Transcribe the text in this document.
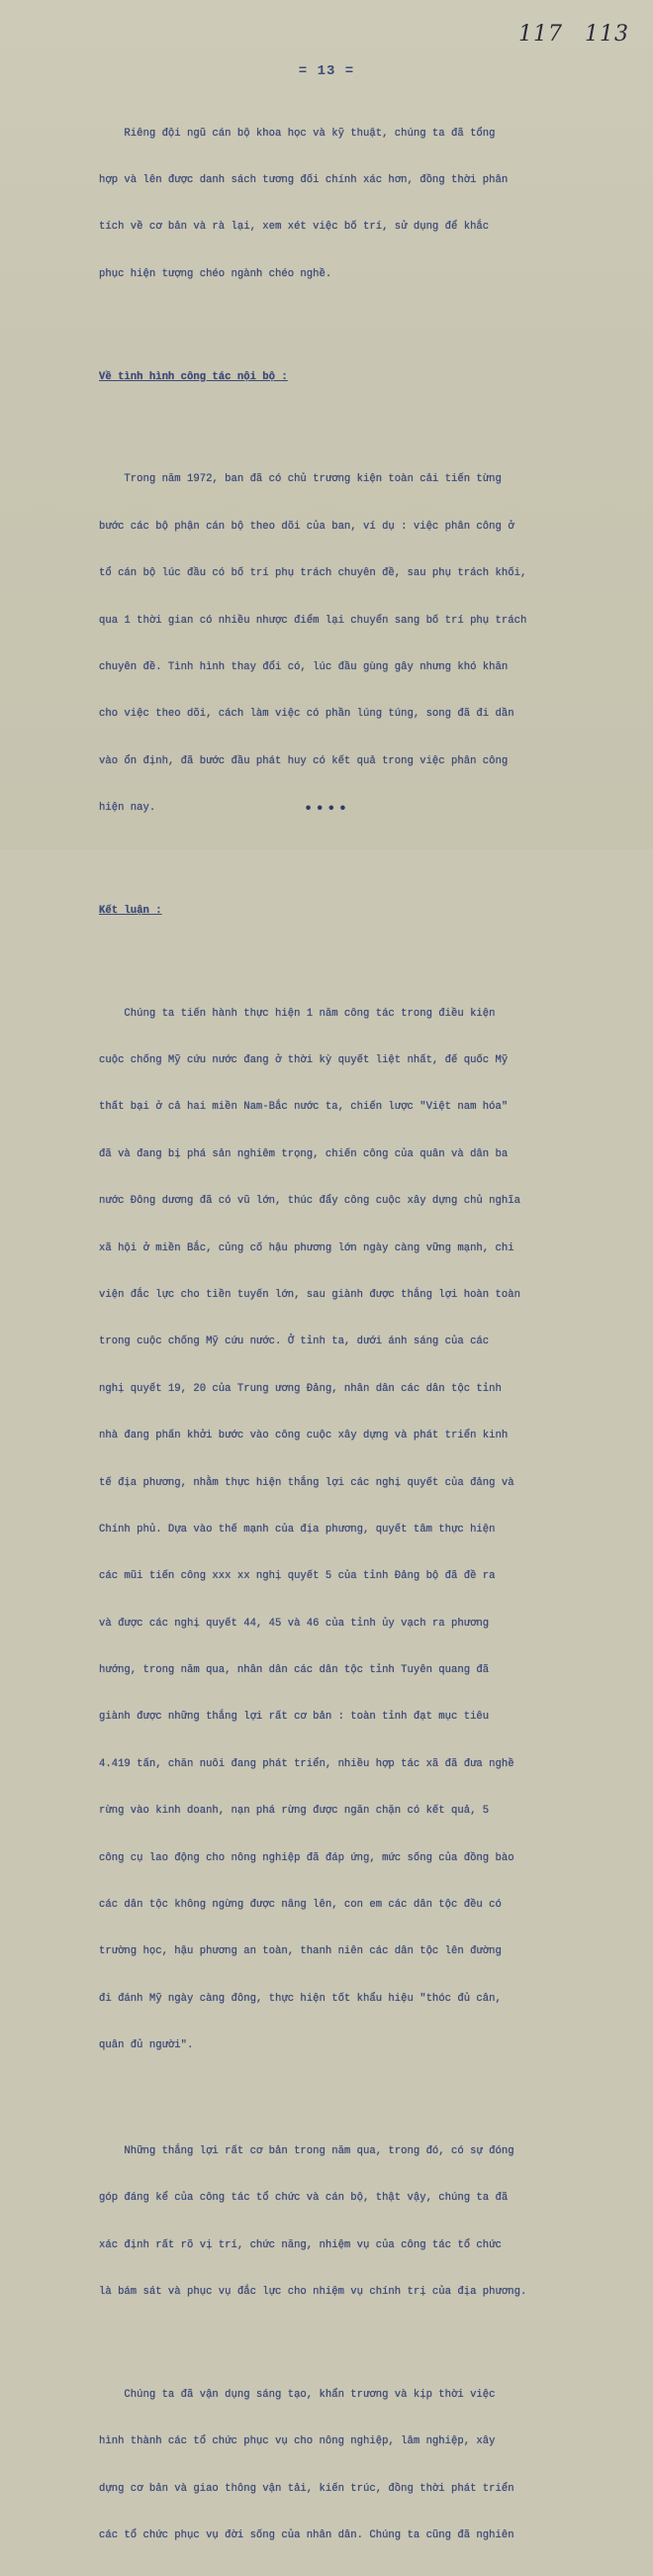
117 113
= 13 =

Riêng đội ngũ cán bộ khoa học và kỹ thuật, chúng ta đã tổng

hợp và lên được danh sách tương đối chính xác hơn, đồng thời phân

tích về cơ bản và rà lại, xem xét việc bố trí, sử dụng để khắc

phục hiện tượng chéo ngành chéo nghề.

Về tình hình công tác nội bộ :

Trong năm 1972, ban đã có chủ trương kiện toàn cải tiến từng

bước các bộ phận cán bộ theo dõi của ban, ví dụ : việc phân công ở

tổ cán bộ lúc đầu có bố trí phụ trách chuyên đề, sau phụ trách khối,

qua 1 thời gian có nhiều nhược điểm lại chuyển sang bố trí phụ trách

chuyên đề. Tình hình thay đổi có, lúc đầu gùng gây nhưng khó khăn

cho việc theo dõi, cách làm việc có phần lúng túng, song đã đi dần

vào ổn định, đã bước đầu phát huy có kết quả trong việc phân công

hiện nay.

Kết luận :

Chúng ta tiến hành thực hiện 1 năm công tác trong điều kiện

cuộc chống Mỹ cứu nước đang ở thời kỳ quyết liệt nhất, đế quốc Mỹ

thất bại ở cả hai miền Nam-Bắc nước ta, chiến lược "Việt nam hóa"

đã và đang bị phá sản nghiêm trọng, chiến công của quân và dân ba

nước Đông dương đã có vũ lớn, thúc đẩy công cuộc xây dựng chủ nghĩa

xã hội ở miền Bắc, củng cố hậu phương lớn ngày càng vững mạnh, chi

viện đắc lực cho tiền tuyến lớn, sau giành được thắng lợi hoàn toàn

trong cuộc chống Mỹ cứu nước. Ở tỉnh ta, dưới ánh sáng của các

nghị quyết 19, 20 của Trung ương Đảng, nhân dân các dân tộc tỉnh

nhà đang phấn khởi bước vào công cuộc xây dựng và phát triển kinh

tế địa phương, nhằm thực hiện thắng lợi các nghị quyết của đảng và

Chính phủ. Dựa vào thế mạnh của địa phương, quyết tâm thực hiện

các mũi tiến công xxx xx nghị quyết 5 của tỉnh Đảng bộ đã đề ra

và được các nghị quyết 44, 45 và 46 của tỉnh ủy vạch ra phương

hướng, trong năm qua, nhân dân các dân tộc tỉnh Tuyên quang đã

giành được những thắng lợi rất cơ bản : toàn tỉnh đạt mục tiêu

4.419 tấn, chăn nuôi đang phát triển, nhiều hợp tác xã đã đưa nghề

rừng vào kinh doanh, nạn phá rừng được ngăn chặn có kết quả, 5

công cụ lao động cho nông nghiệp đã đáp ứng, mức sống của đồng bào

các dân tộc không ngừng được nâng lên, con em các dân tộc đều có

trường học, hậu phương an toàn, thanh niên các dân tộc lên đường

đi đánh Mỹ ngày càng đông, thực hiện tốt khẩu hiệu "thóc đủ cân,

quân đủ người".

Những thắng lợi rất cơ bản trong năm qua, trong đó, có sự đóng

góp đáng kể của công tác tổ chức và cán bộ, thật vậy, chúng ta đã

xác định rất rõ vị trí, chức năng, nhiệm vụ của công tác tổ chức

là bám sát và phục vụ đắc lực cho nhiệm vụ chính trị của địa phương.

Chúng ta đã vận dụng sáng tạo, khẩn trương và kịp thời việc

hình thành các tổ chức phục vụ cho nông nghiệp, lâm nghiệp, xây

dựng cơ bản và giao thông vận tải, kiến trúc, đồng thời phát triển

các tổ chức phục vụ đời sống của nhân dân. Chúng ta cũng đã nghiên

••••
